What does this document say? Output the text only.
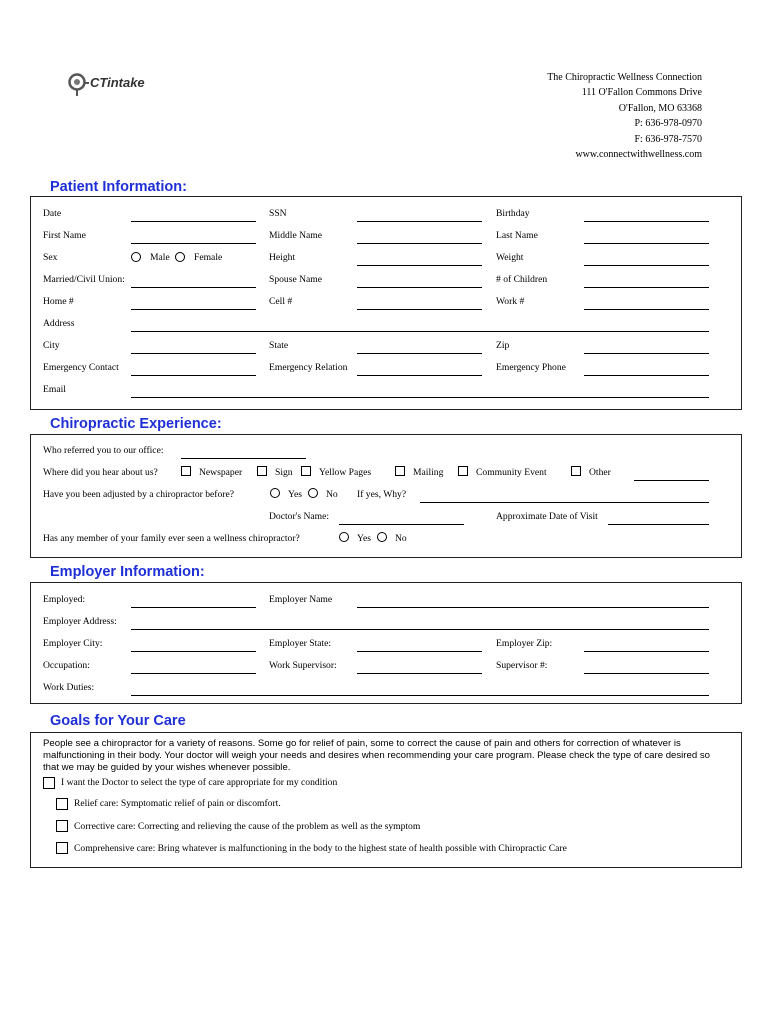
CTintake	The Chiropractic Wellness Connection
111 O'Fallon Commons Drive
O'Fallon, MO 63368
P: 636-978-0970
F: 636-978-7570
www.connectwithwellness.com
Patient Information:
Date	SSN	Birthday
First Name	Middle Name	Last Name
Sex	Male	Female	Height	Weight
Married/Civil Union:	Spouse Name	# of Children
Home #	Cell #	Work #
Address
City	State	Zip
Emergency Contact	Emergency Relation	Emergency Phone
Email
Chiropractic Experience:
Who referred you to our office:
Where did you hear about us?	Newspaper	Sign	Yellow Pages	Mailing	Community Event	Other
Have you been adjusted by a chiropractor before?	Yes	No If yes, Why?
Doctor's Name:	Approximate Date of Visit
Has any member of your family ever seen a wellness chiropractor?	Yes	No
Employer Information:
Employed:	Employer Name
Employer Address:
Employer City:	Employer State:	Employer Zip:
Occupation:	Work Supervisor:	Supervisor #:
Work Duties:
Goals for Your Care
People see a chiropractor for a variety of reasons. Some go for relief of pain, some to correct the cause of pain and others for correction of whatever is malfunctioning in their body. Your doctor will weigh your needs and desires when recommending your care program. Please check the type of care desired so that we may be guided by your wishes whenever possible.
I want the Doctor to select the type of care appropriate for my condition
Relief care: Symptomatic relief of pain or discomfort.
Corrective care: Correcting and relieving the cause of the problem as well as the symptom
Comprehensive care: Bring whatever is malfunctioning in the body to the highest state of health possible with Chiropractic Care
